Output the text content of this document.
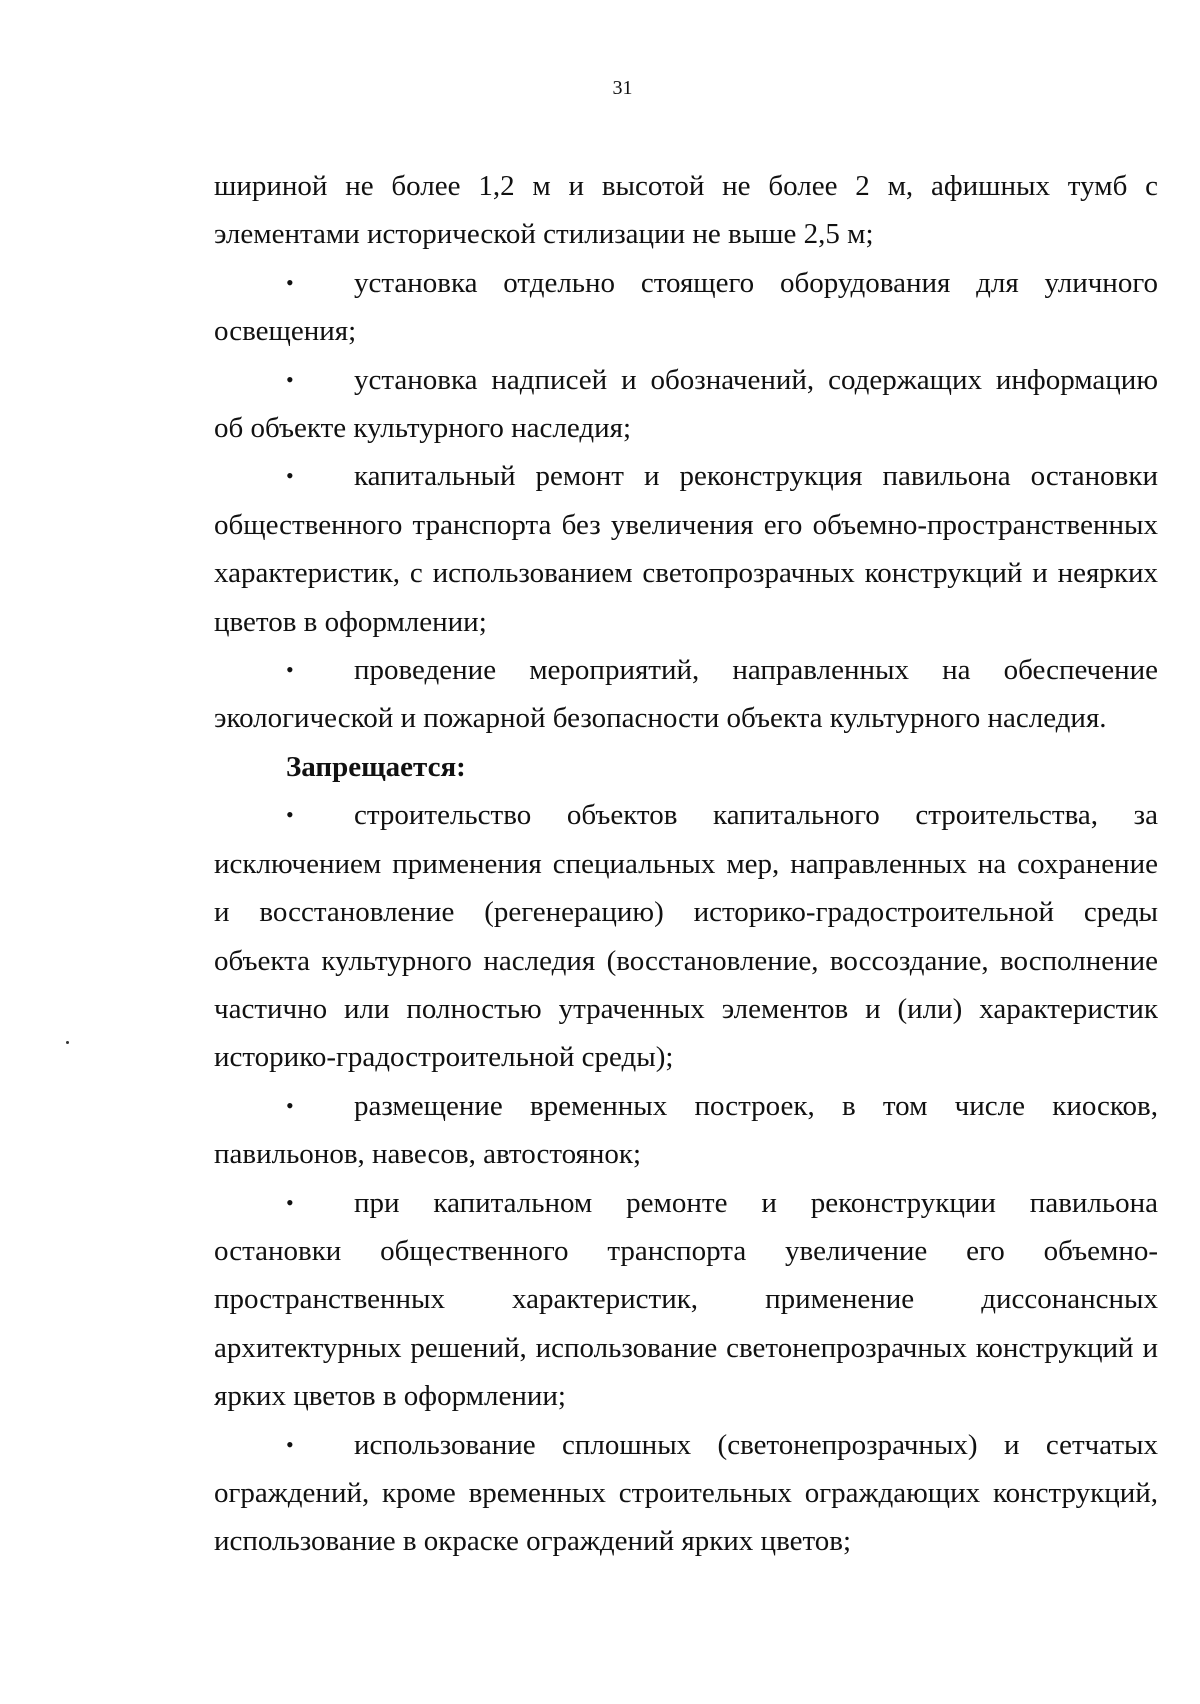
31

шириной не более 1,2 м и высотой не более 2 м, афишных тумб с элементами исторической стилизации не выше 2,5 м;

• установка отдельно стоящего оборудования для уличного освещения;

• установка надписей и обозначений, содержащих информацию об объекте культурного наследия;

• капитальный ремонт и реконструкция павильона остановки общественного транспорта без увеличения его объемно-пространственных характеристик, с использованием светопрозрачных конструкций и неярких цветов в оформлении;

• проведение мероприятий, направленных на обеспечение экологической и пожарной безопасности объекта культурного наследия.

Запрещается:

• строительство объектов капитального строительства, за исключением применения специальных мер, направленных на сохранение и восстановление (регенерацию) историко-градостроительной среды объекта культурного наследия (восстановление, воссоздание, восполнение частично или полностью утраченных элементов и (или) характеристик историко-градостроительной среды);

• размещение временных построек, в том числе киосков, павильонов, навесов, автостоянок;

• при капитальном ремонте и реконструкции павильона остановки общественного транспорта увеличение его объемно-пространственных характеристик, применение диссонансных архитектурных решений, использование светонепрозрачных конструкций и ярких цветов в оформлении;

• использование сплошных (светонепрозрачных) и сетчатых ограждений, кроме временных строительных ограждающих конструкций, использование в окраске ограждений ярких цветов;
